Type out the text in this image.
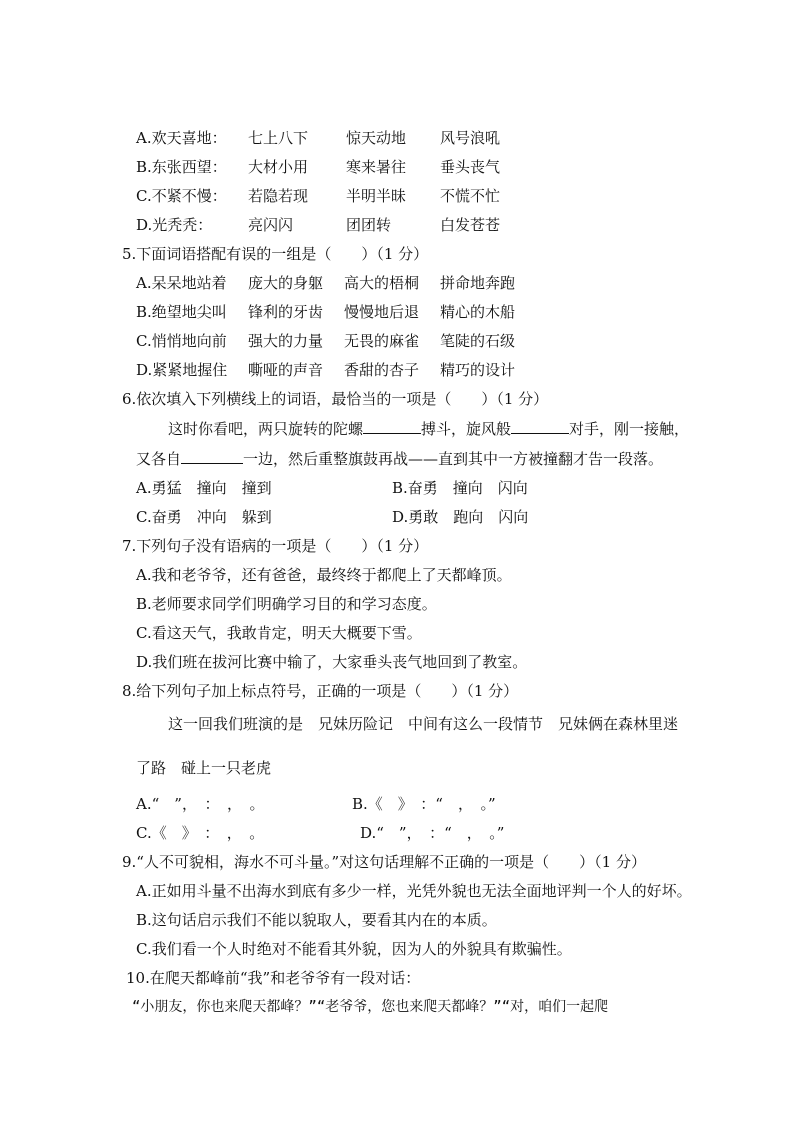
A.欢天喜地： 七上八下	惊天动地 风号浪吼
B.东张西望： 大材小用	寒来暑往 垂头丧气
C.不紧不慢： 若隐若现	半明半昧 不慌不忙
D.光秃秃： 亮闪闪	团团转	白发苍苍
5.下面词语搭配有误的一组是（　　）（1 分）
A.呆呆地站着 庞大的身躯 高大的梧桐 拼命地奔跑
B.绝望地尖叫 锋利的牙齿 慢慢地后退 精心的木船
C.悄悄地向前 强大的力量 无畏的麻雀 笔陡的石级
D.紧紧地握住 嘶哑的声音 香甜的杏子 精巧的设计
6.依次填入下列横线上的词语，最恰当的一项是（　　）（1 分）
这时你看吧，两只旋转的陀螺	搏斗，旋风般	对手，刚一接触，
又各自	一边，然后重整旗鼓再战——直到其中一方被撞翻才告一段落。
A.勇猛　撞向　撞到	B.奋勇　撞向　闪向
C.奋勇　冲向　躲到	D.勇敢　跑向　闪向
7.下列句子没有语病的一项是（　　）（1 分）
A.我和老爷爷，还有爸爸，最终终于都爬上了天都峰顶。
B.老师要求同学们明确学习目的和学习态度。
C.看这天气，我敢肯定，明天大概要下雪。
D.我们班在拔河比赛中输了，大家垂头丧气地回到了教室。
8.给下列句子加上标点符号，正确的一项是（　　）（1 分）
这一回我们班演的是　兄妹历险记　中间有这么一段情节　兄妹俩在森林里迷
了路　碰上一只老虎
A.“　”，　：　，　。	B.《　》　：“　，　。”
C.《　》　：　，　。	D.“　”，　：“　，　。”
9.“人不可貌相，海水不可斗量。”对这句话理解不正确的一项是（　　）（1 分）
A.正如用斗量不出海水到底有多少一样，光凭外貌也无法全面地评判一个人的好坏。
B.这句话启示我们不能以貌取人，要看其内在的本质。
C.我们看一个人时绝对不能看其外貌，因为人的外貌具有欺骗性。
10.在爬天都峰前“我”和老爷爷有一段对话：
“小朋友，你也来爬天都峰？”“老爷爷，您也来爬天都峰？”“对，咱们一起爬
